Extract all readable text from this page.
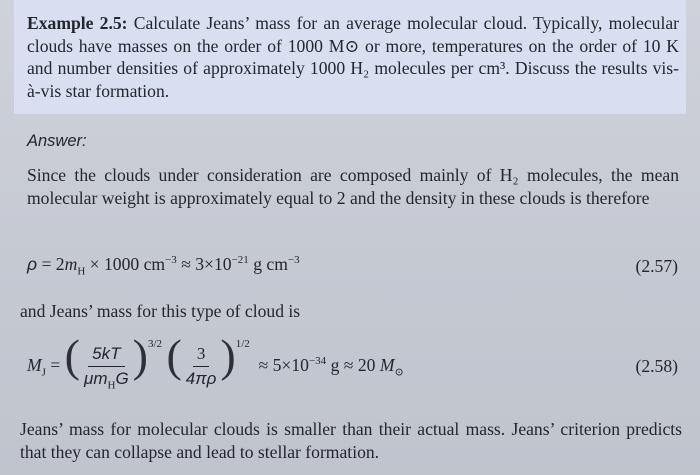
Example 2.5: Calculate Jeans’ mass for an average molecular cloud. Typically, molecular clouds have masses on the order of 1000 M⊙ or more, temperatures on the order of 10 K and number densities of approximately 1000 H₂ molecules per cm³. Discuss the results vis-à-vis star formation.
Answer:
Since the clouds under consideration are composed mainly of H₂ molecules, the mean molecular weight is approximately equal to 2 and the density in these clouds is therefore
$\rho = 2m_H \times 1000$ $cm^{-3} \approx 3\times 10^{-21}$ g $cm^{-3}$	(2.57)
and Jeans’ mass for this type of cloud is
$M_J$ = ( $\frac{5kT}{\mu m_HG} )^{3/2}$ ( $\frac{3}{4\pi\rho} )^{1/2} \approx 5\times 10^{-34}$ g ≈ 20 $M_⊙$	(2.58)
Jeans’ mass for molecular clouds is smaller than their actual mass. Jeans’ criterion predicts that they can collapse and lead to stellar formation.
